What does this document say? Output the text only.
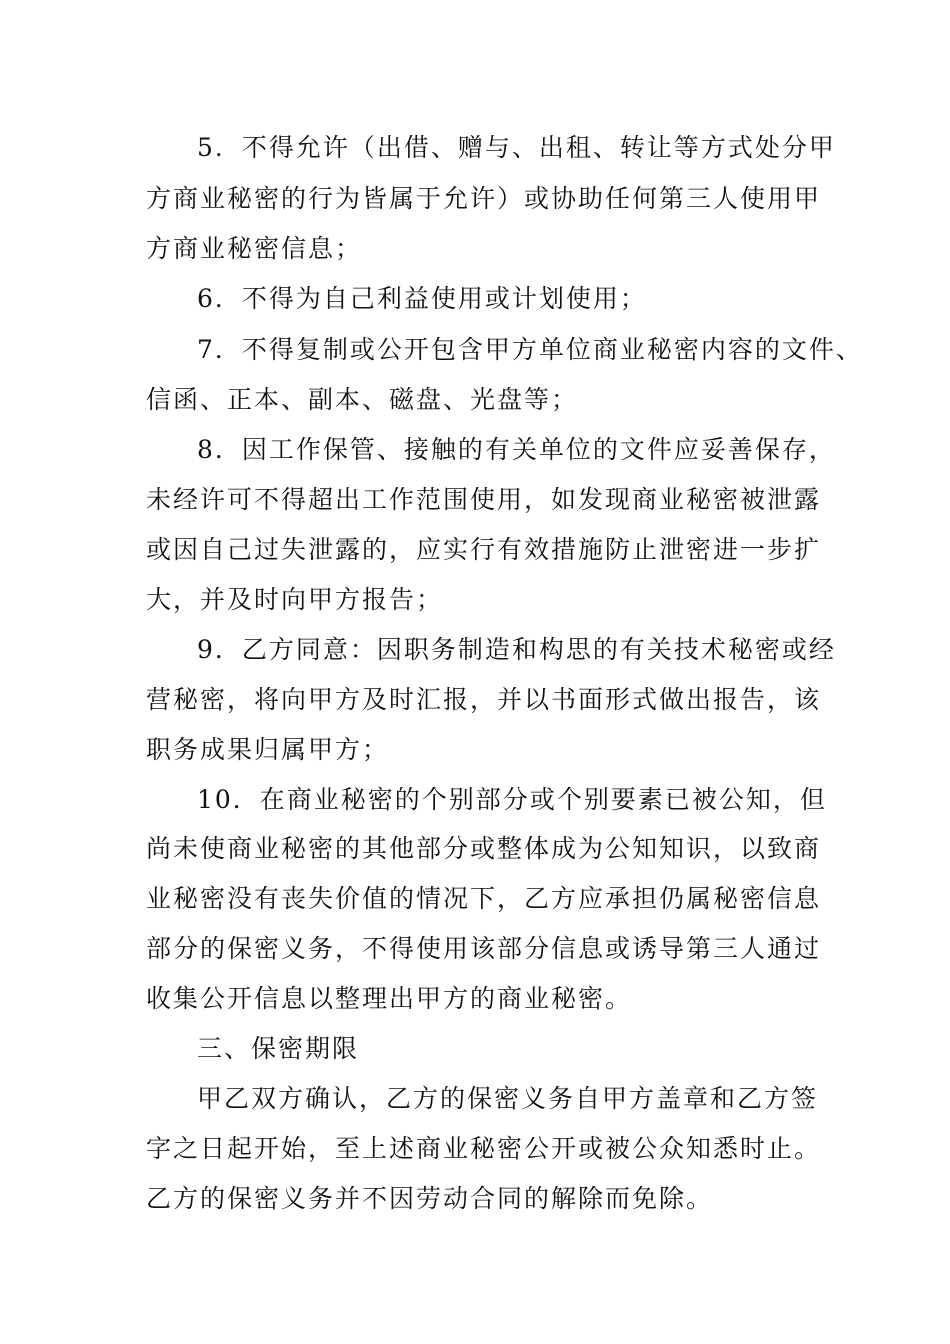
5．不得允许（出借、赠与、出租、转让等方式处分甲
方商业秘密的行为皆属于允许）或协助任何第三人使用甲
方商业秘密信息；
6．不得为自己利益使用或计划使用；
7．不得复制或公开包含甲方单位商业秘密内容的文件、
信函、正本、副本、磁盘、光盘等；
8．因工作保管、接触的有关单位的文件应妥善保存，
未经许可不得超出工作范围使用，如发现商业秘密被泄露
或因自己过失泄露的，应实行有效措施防止泄密进一步扩
大，并及时向甲方报告；
9．乙方同意：因职务制造和构思的有关技术秘密或经
营秘密，将向甲方及时汇报，并以书面形式做出报告，该
职务成果归属甲方；
10．在商业秘密的个别部分或个别要素已被公知，但
尚未使商业秘密的其他部分或整体成为公知知识，以致商
业秘密没有丧失价值的情况下，乙方应承担仍属秘密信息
部分的保密义务，不得使用该部分信息或诱导第三人通过
收集公开信息以整理出甲方的商业秘密。
三、保密期限
甲乙双方确认，乙方的保密义务自甲方盖章和乙方签
字之日起开始，至上述商业秘密公开或被公众知悉时止。
乙方的保密义务并不因劳动合同的解除而免除。
